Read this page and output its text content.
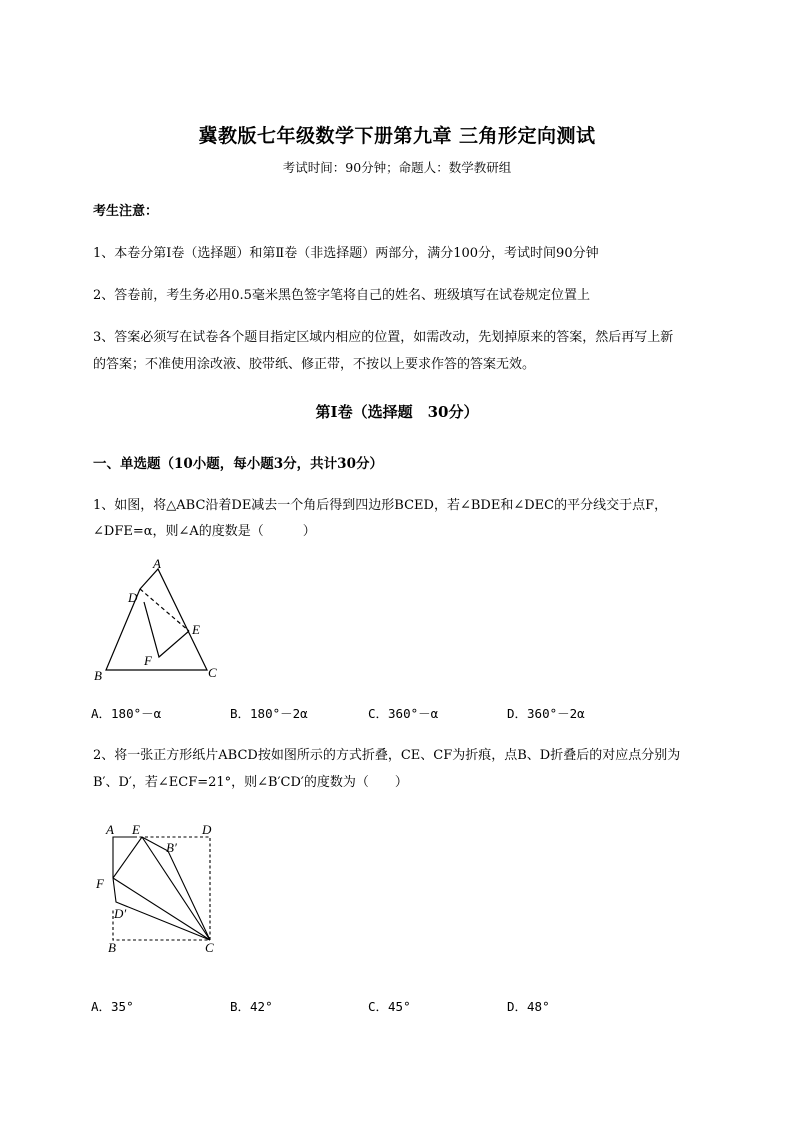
冀教版七年级数学下册第九章 三角形定向测试
考试时间：90分钟；命题人：数学教研组
考生注意：
1、本卷分第I卷（选择题）和第Ⅱ卷（非选择题）两部分，满分100分，考试时间90分钟
2、答卷前，考生务必用0.5毫米黑色签字笔将自己的姓名、班级填写在试卷规定位置上
3、答案必须写在试卷各个题目指定区域内相应的位置，如需改动，先划掉原来的答案，然后再写上新
的答案；不准使用涂改液、胶带纸、修正带，不按以上要求作答的答案无效。
第I卷（选择题　30分）
一、单选题（10小题，每小题3分，共计30分）
1、如图，将△ABC沿着DE减去一个角后得到四边形BCED，若∠BDE和∠DEC的平分线交于点F，
∠DFE=α，则∠A的度数是（　　　）
A
D
E
F
B	C
A．180°－α	B．180°－2α	C．360°－α	D．360°－2α
2、将一张正方形纸片ABCD按如图所示的方式折叠，CE、CF为折痕，点B、D折叠后的对应点分别为
B′、D′，若∠ECF=21°，则∠B′CD′的度数为（　　）
A E	D
B′
F
D′
B	C
A．35°	B．42°	C．45°	D．48°
